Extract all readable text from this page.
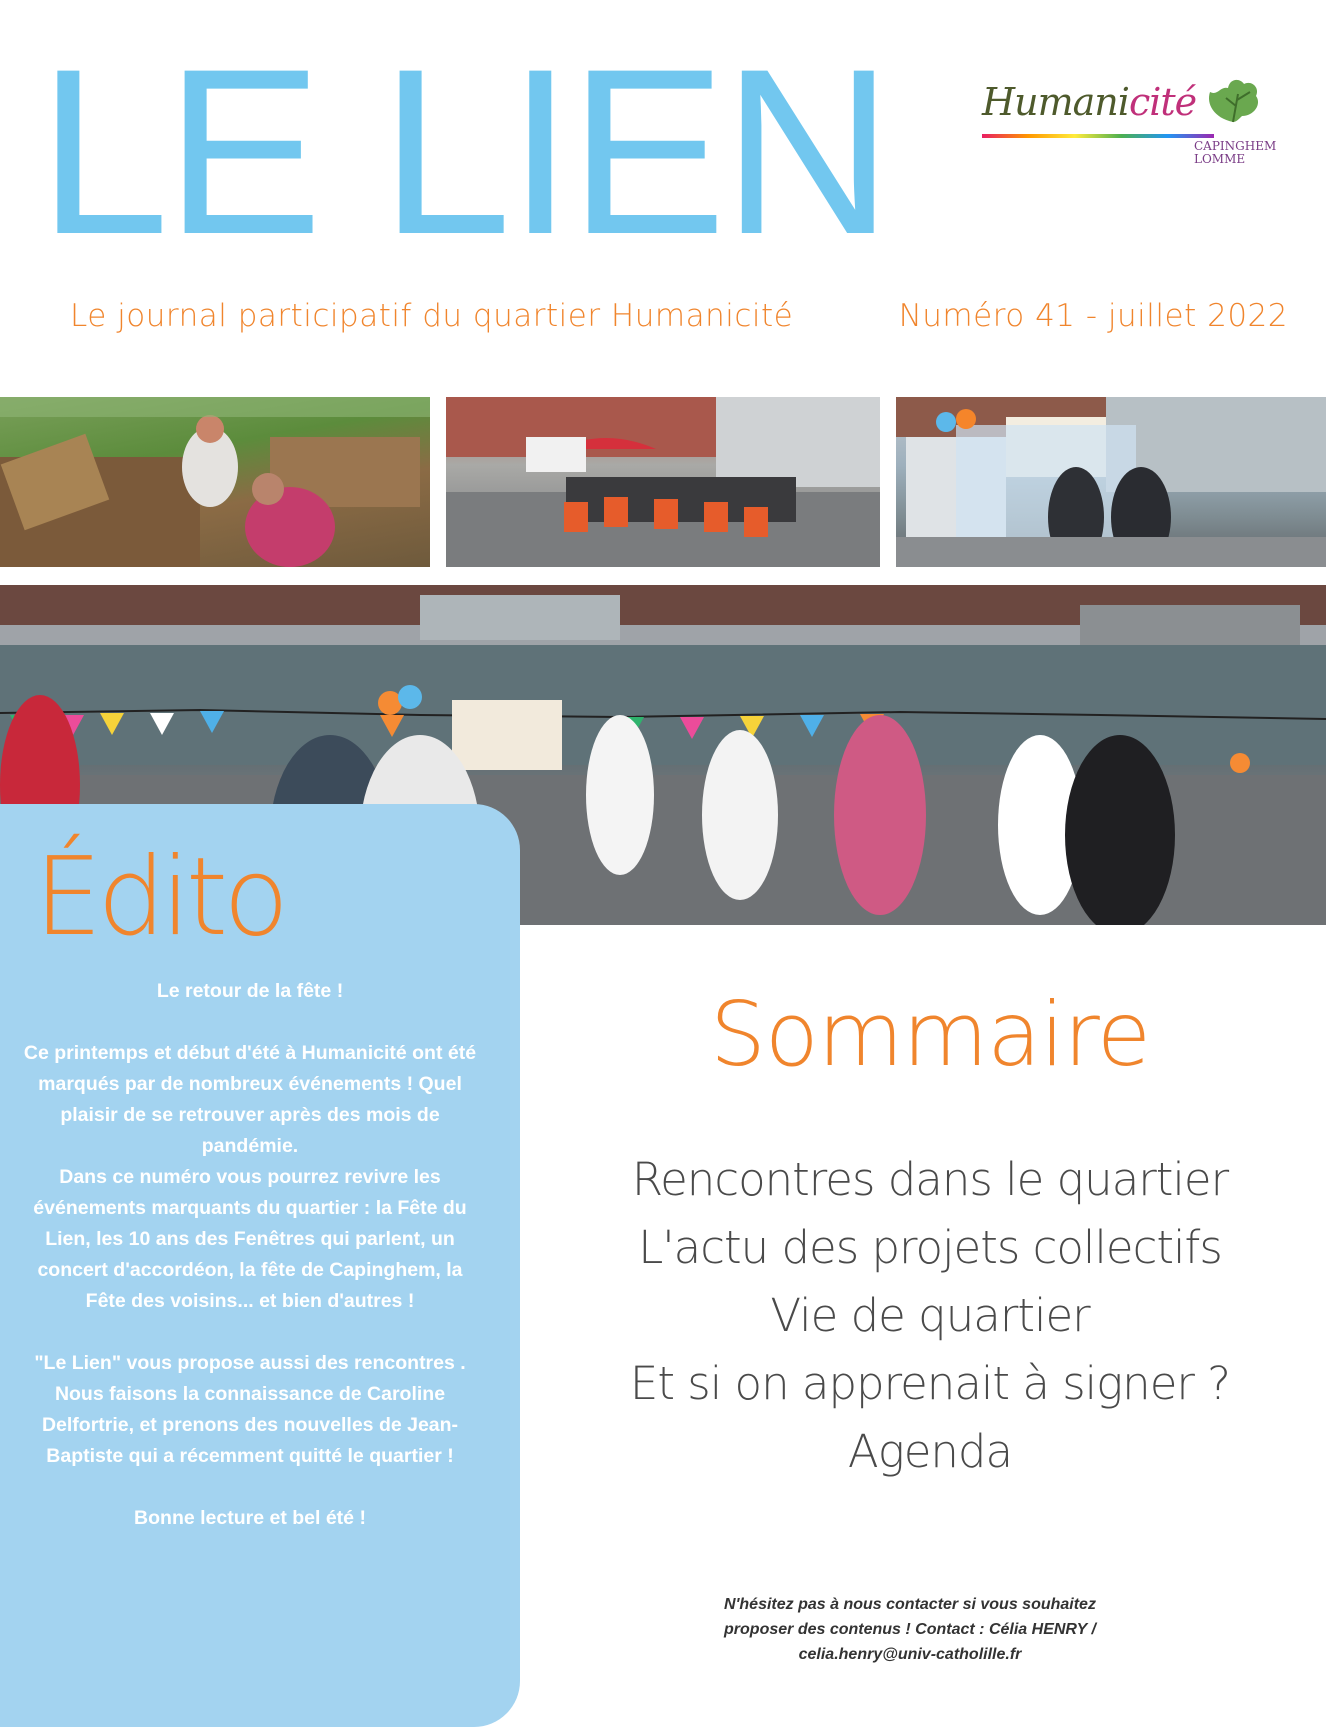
LE LIEN Humanicité
CAPINGHEM
LOMME
Le journal participatif du quartier Humanicité	Numéro 41 - juillet 2022
Édito

Le retour de la fête !

Ce printemps et début d'été à Humanicité ont été marqués par de nombreux événements ! Quel plaisir de se retrouver après des mois de pandémie.

Dans ce numéro vous pourrez revivre les événements marquants du quartier : la Fête du Lien, les 10 ans des Fenêtres qui parlent, un concert d'accordéon, la fête de Capinghem, la Fête des voisins... et bien d'autres !

"Le Lien" vous propose aussi des rencontres . Nous faisons la connaissance de Caroline Delfortrie, et prenons des nouvelles de Jean-Baptiste qui a récemment quitté le quartier !

Bonne lecture et bel été !

Sommaire
Rencontres dans le quartier
L'actu des projets collectifs
Vie de quartier
Et si on apprenait à signer ?
Agenda
N'hésitez pas à nous contacter si vous souhaitez
proposer des contenus ! Contact : Célia HENRY /
celia.henry@univ-catholille.fr
